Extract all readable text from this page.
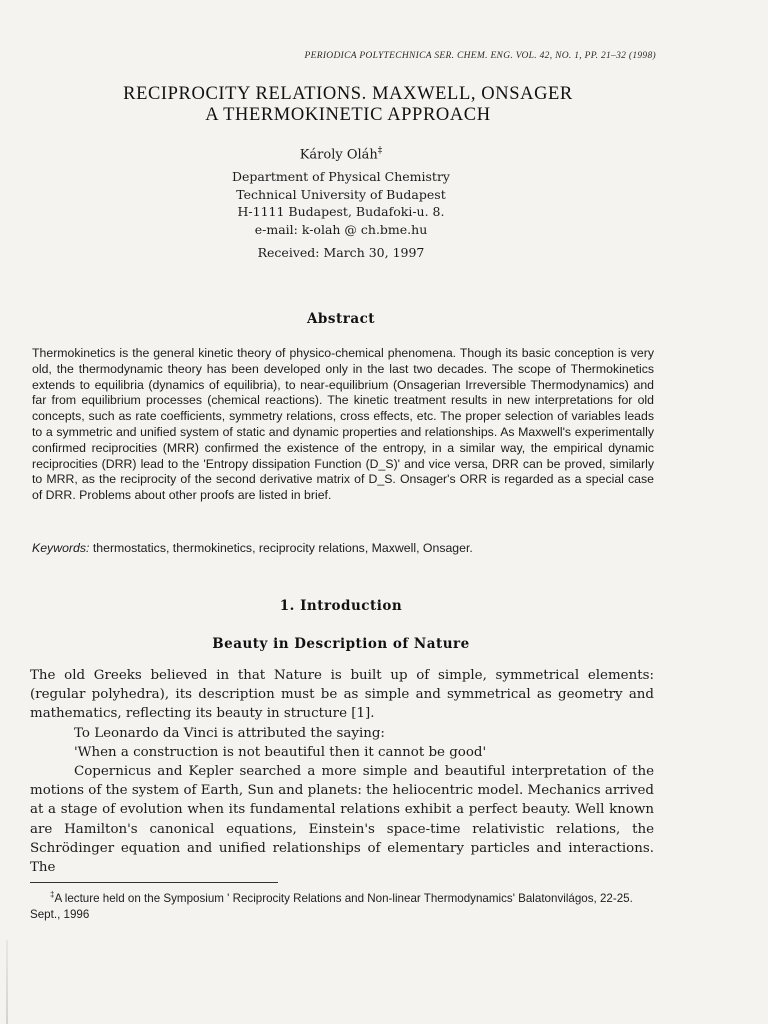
PERIODICA POLYTECHNICA SER. CHEM. ENG. VOL. 42, NO. 1, PP. 21–32 (1998)
RECIPROCITY RELATIONS. MAXWELL, ONSAGER
A THERMOKINETIC APPROACH
Károly Oláh‡
Department of Physical Chemistry
Technical University of Budapest
H-1111 Budapest, Budafoki-u. 8.
e-mail: k-olah @ ch.bme.hu
Received: March 30, 1997
Abstract

Thermokinetics is the general kinetic theory of physico-chemical phenomena. Though its basic conception is very old, the thermodynamic theory has been developed only in the last two decades. The scope of Thermokinetics extends to equilibria (dynamics of equilibria), to near-equilibrium (Onsagerian Irreversible Thermodynamics) and far from equilibrium processes (chemical reactions). The kinetic treatment results in new interpretations for old concepts, such as rate coefficients, symmetry relations, cross effects, etc. The proper selection of variables leads to a symmetric and unified system of static and dynamic properties and relationships. As Maxwell's experimentally confirmed reciprocities (MRR) confirmed the existence of the entropy, in a similar way, the empirical dynamic reciprocities (DRR) lead to the 'Entropy dissipation Function (D_S)' and vice versa, DRR can be proved, similarly to MRR, as the reciprocity of the second derivative matrix of D_S. Onsager's ORR is regarded as a special case of DRR. Problems about other proofs are listed in brief.

Keywords: thermostatics, thermokinetics, reciprocity relations, Maxwell, Onsager.
1. Introduction
Beauty in Description of Nature

The old Greeks believed in that Nature is built up of simple, symmetrical elements: (regular polyhedra), its description must be as simple and symmetrical as geometry and mathematics, reflecting its beauty in structure [1].

To Leonardo da Vinci is attributed the saying:

'When a construction is not beautiful then it cannot be good'

Copernicus and Kepler searched a more simple and beautiful interpretation of the motions of the system of Earth, Sun and planets: the heliocentric model. Mechanics arrived at a stage of evolution when its fundamental relations exhibit a perfect beauty. Well known are Hamilton's canonical equations, Einstein's space-time relativistic relations, the Schrödinger equation and unified relationships of elementary particles and interactions. The

‡A lecture held on the Symposium ' Reciprocity Relations and Non-linear Thermodynamics' Balatonvilágos, 22-25. Sept., 1996
